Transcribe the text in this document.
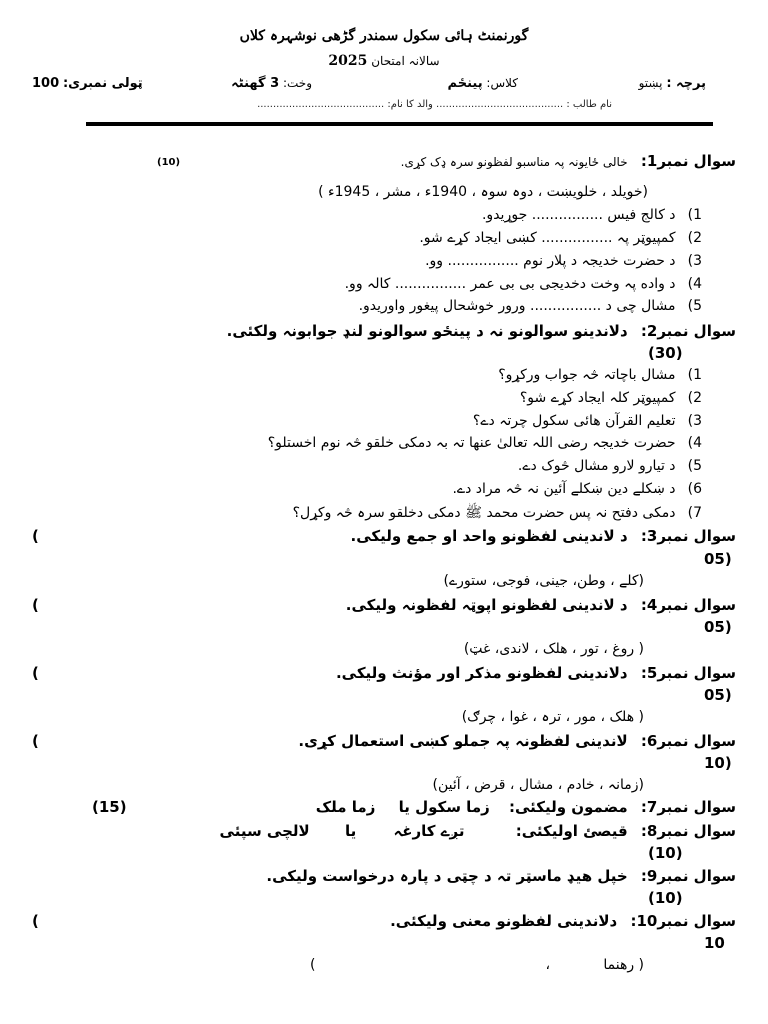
گورنمنٹ ہائی سکول سمندر گڑھی نوشہرہ کلاں
سالانہ امتحان 2025
پرچہ : پښتو
کلاس: پینځم
وخت: 3 گھنٹہ
ټولی نمبری: 100
نام طالب : ........................................ والد کا نام: ........................................
سوال نمبر1: خالی ځایونہ پہ مناسبو لفظونو سرہ ډک کړی.
(10)
(خویلد ، خلویښت ، دوہ سوہ ، 1940ء ، مشر ، 1945ء )
1) د کالج فیس ................ جوړیدو.
2) کمپیوټر پہ ................ کښی ایجاد کړے شو.
3) د حضرت خدیجہ د پلار نوم ................ وو.
4) د واده پہ وخت دخدیجی بی بی عمر ................ کالہ وو.
5) مشال چی د ................ ورور خوشحال پیغور واوریدو.
سوال نمبر2: دلاندینو سوالونو نہ د پینځو سوالونو لنډ جوابونہ ولکئی.
(30)
1) مشال باچاتہ څہ جواب ورکړو؟
2) کمپیوټر کلہ ایجاد کړے شو؟
3) تعلیم القرآن هائی سکول چرتہ دے؟
4) حضرت خدیجہ رضی اللہ تعالیٰ عنها تہ بہ دمکی خلقو څہ نوم اخستلو؟
5) د تیارو لارو مشال څوک دے.
6) د ښکلے دین ښکلے آئین نہ څہ مراد دے.
7) دمکی دفتح نہ پس حضرت محمد ﷺ دمکی دخلقو سرہ څہ وکړل؟
سوال نمبر3: د لاندینی لفظونو واحد او جمع ولیکی.
(
05)
(کلے ، وطن، جینی، فوجی، ستورے)
سوال نمبر4: د لاندینی لفظونو اپوټہ لفظونہ ولیکی.
(
05)
( روغ ، تور ، هلک ، لاندی، غټ)
سوال نمبر5: دلاندینی لفظونو مذکر اور مؤنث ولیکی.
(
05)
( هلک ، مور ، ترہ ، غوا ، چرګ)
سوال نمبر6: لاندینی لفظونہ پہ جملو کښی استعمال کړی.
(
10)
(زمانہ ، خادم ، مشال ، قرض ، آئین)
سوال نمبر7: مضمون ولیکئی: زما سکول یا زما ملک
(15)
سوال نمبر8: قیصئ اولیکئی: تږے کارغہ یا لالچی سپئی
(10)
سوال نمبر9: خپل هیډ ماسټر تہ د چټی د پارہ درخواست ولیکی.
(10)
سوال نمبر10: دلاندینی لفظونو معنی ولیکئی.
(
10
( رهنما
،
)
